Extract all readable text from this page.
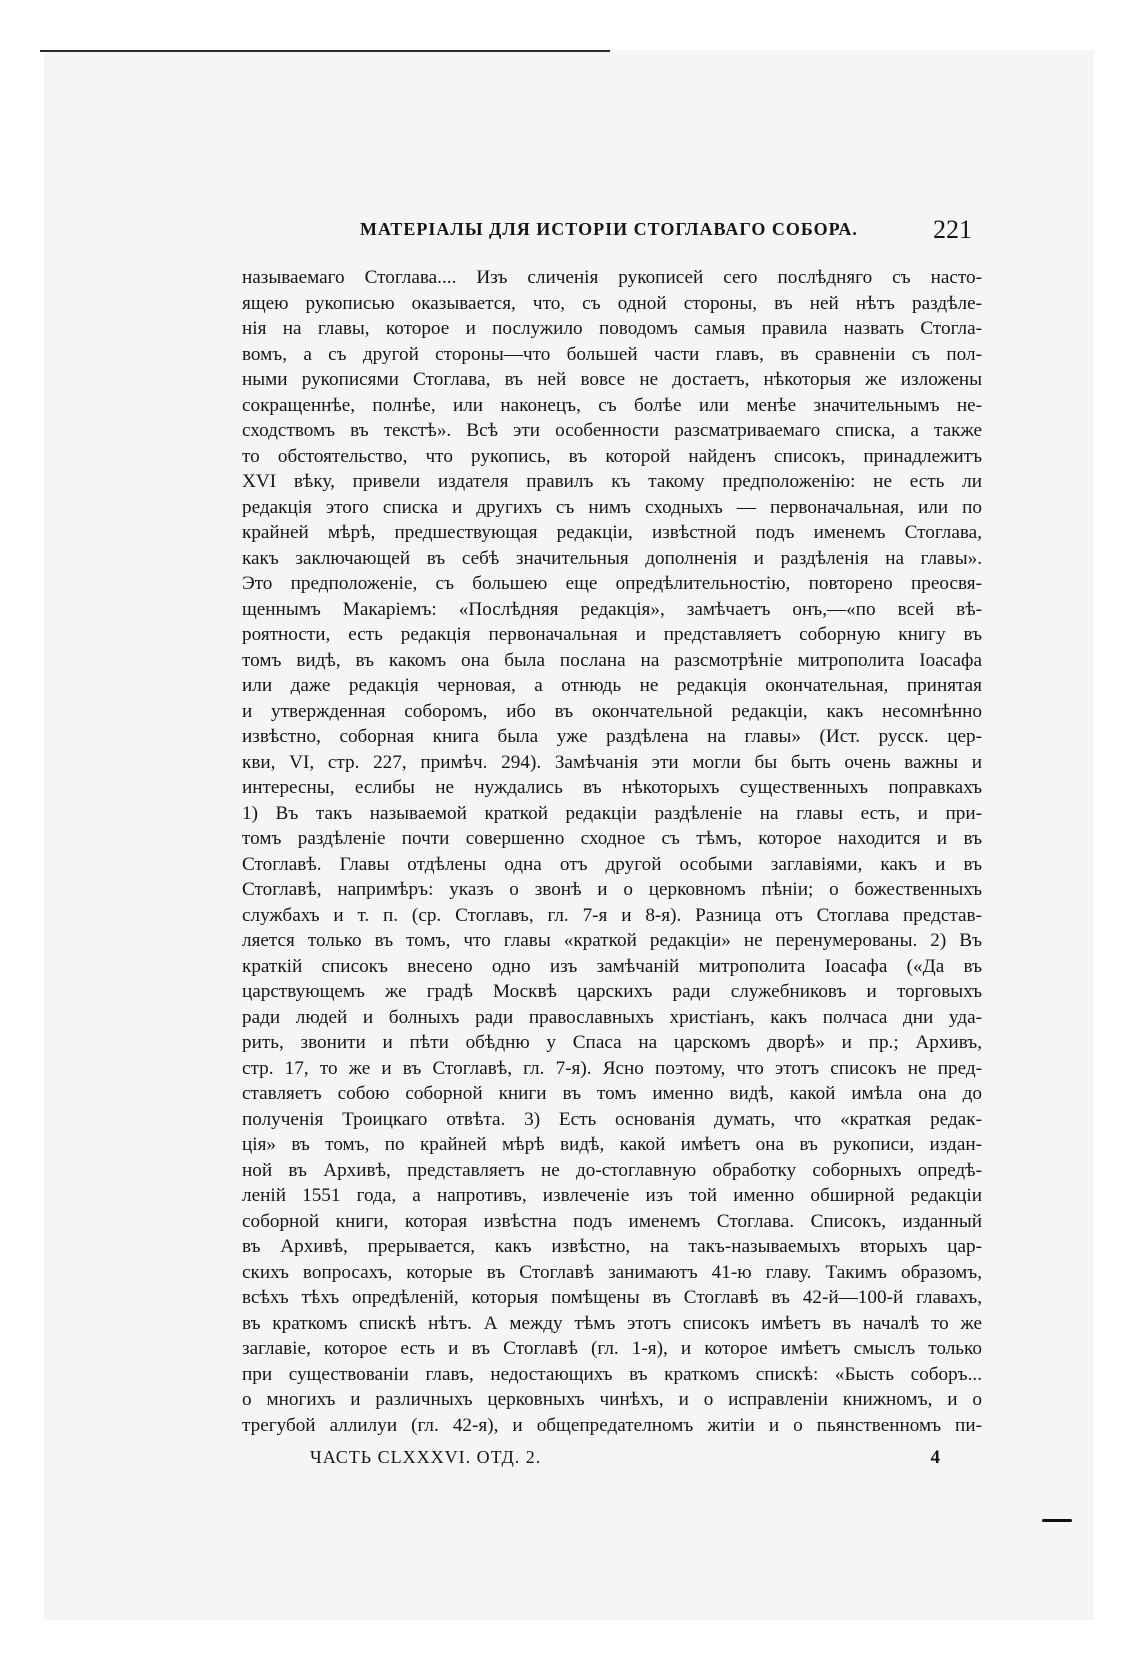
МАТЕРІАЛЫ ДЛЯ ИСТОРІИ СТОГЛАВАГО СОБОРА.	221
называемаго Стоглава.... Изъ сличенія рукописей сего послѣдняго съ насто-
ящею рукописью оказывается, что, съ одной стороны, въ ней нѣтъ раздѣле-
нія на главы, которое и послужило поводомъ самыя правила назвать Стогла-
вомъ, а съ другой стороны—что большей части главъ, въ сравненіи съ пол-
ными рукописями Стоглава, въ ней вовсе не достаетъ, нѣкоторыя же изложены
сокращеннѣе, полнѣе, или наконецъ, съ болѣе или менѣе значительнымъ не-
сходствомъ въ текстѣ». Всѣ эти особенности разсматриваемаго списка, а также
то обстоятельство, что рукопись, въ которой найденъ списокъ, принадлежитъ
XVI вѣку, привели издателя правилъ къ такому предположенію: не есть ли
редакція этого списка и другихъ съ нимъ сходныхъ — первоначальная, или по
крайней мѣрѣ, предшествующая редакціи, извѣстной подъ именемъ Стоглава,
какъ заключающей въ себѣ значительныя дополненія и раздѣленія на главы».
Это предположеніе, съ большею еще опредѣлительностію, повторено преосвя-
щеннымъ Макаріемъ: «Послѣдняя редакція», замѣчаетъ онъ,—«по всей вѣ-
роятности, есть редакція первоначальная и представляетъ соборную книгу въ
томъ видѣ, въ какомъ она была послана на разсмотрѣніе митрополита Іоасафа
или даже редакція черновая, а отнюдь не редакція окончательная, принятая
и утвержденная соборомъ, ибо въ окончательной редакціи, какъ несомнѣнно
извѣстно, соборная книга была уже раздѣлена на главы» (Ист. русск. цер-
кви, VI, стр. 227, примѣч. 294). Замѣчанія эти могли бы быть очень важны и
интересны, еслибы не нуждались въ нѣкоторыхъ существенныхъ поправкахъ
1) Въ такъ называемой краткой редакціи раздѣленіе на главы есть, и при-
томъ раздѣленіе почти совершенно сходное съ тѣмъ, которое находится и въ
Стоглавѣ. Главы отдѣлены одна отъ другой особыми заглавіями, какъ и въ
Стоглавѣ, напримѣръ: указъ о звонѣ и о церковномъ пѣніи; о божественныхъ
службахъ и т. п. (ср. Стоглавъ, гл. 7-я и 8-я). Разница отъ Стоглава представ-
ляется только въ томъ, что главы «краткой редакціи» не перенумерованы. 2) Въ
краткій списокъ внесено одно изъ замѣчаній митрополита Іоасафа («Да въ
царствующемъ же градѣ Москвѣ царскихъ ради служебниковъ и торговыхъ
ради людей и болныхъ ради православныхъ христіанъ, какъ полчаса дни уда-
рить, звонити и пѣти обѣдню у Спаса на царскомъ дворѣ» и пр.; Архивъ,
стр. 17, то же и въ Стоглавѣ, гл. 7-я). Ясно поэтому, что этотъ списокъ не пред-
ставляетъ собою соборной книги въ томъ именно видѣ, какой имѣла она до
полученія Троицкаго отвѣта. 3) Есть основанія думать, что «краткая редак-
ція» въ томъ, по крайней мѣрѣ видѣ, какой имѣетъ она въ рукописи, издан-
ной въ Архивѣ, представляетъ не до-стоглавную обработку соборныхъ опредѣ-
леній 1551 года, а напротивъ, извлеченіе изъ той именно обширной редакціи
соборной книги, которая извѣстна подъ именемъ Стоглава. Списокъ, изданный
въ Архивѣ, прерывается, какъ извѣстно, на такъ-называемыхъ вторыхъ цар-
скихъ вопросахъ, которые въ Стоглавѣ занимаютъ 41-ю главу. Такимъ образомъ,
всѣхъ тѣхъ опредѣленій, которыя помѣщены въ Стоглавѣ въ 42-й—100-й главахъ,
въ краткомъ спискѣ нѣтъ. А между тѣмъ этотъ списокъ имѣетъ въ началѣ то же
заглавіе, которое есть и въ Стоглавѣ (гл. 1-я), и которое имѣетъ смыслъ только
при существованіи главъ, недостающихъ въ краткомъ спискѣ: «Бысть соборъ...
о многихъ и различныхъ церковныхъ чинѣхъ, и о исправленіи книжномъ, и о
трегубой аллилуи (гл. 42-я), и общепредателномъ житіи и о пьянственномъ пи-
ЧАСТЬ CLXXXVI. ОТД. 2.	4
